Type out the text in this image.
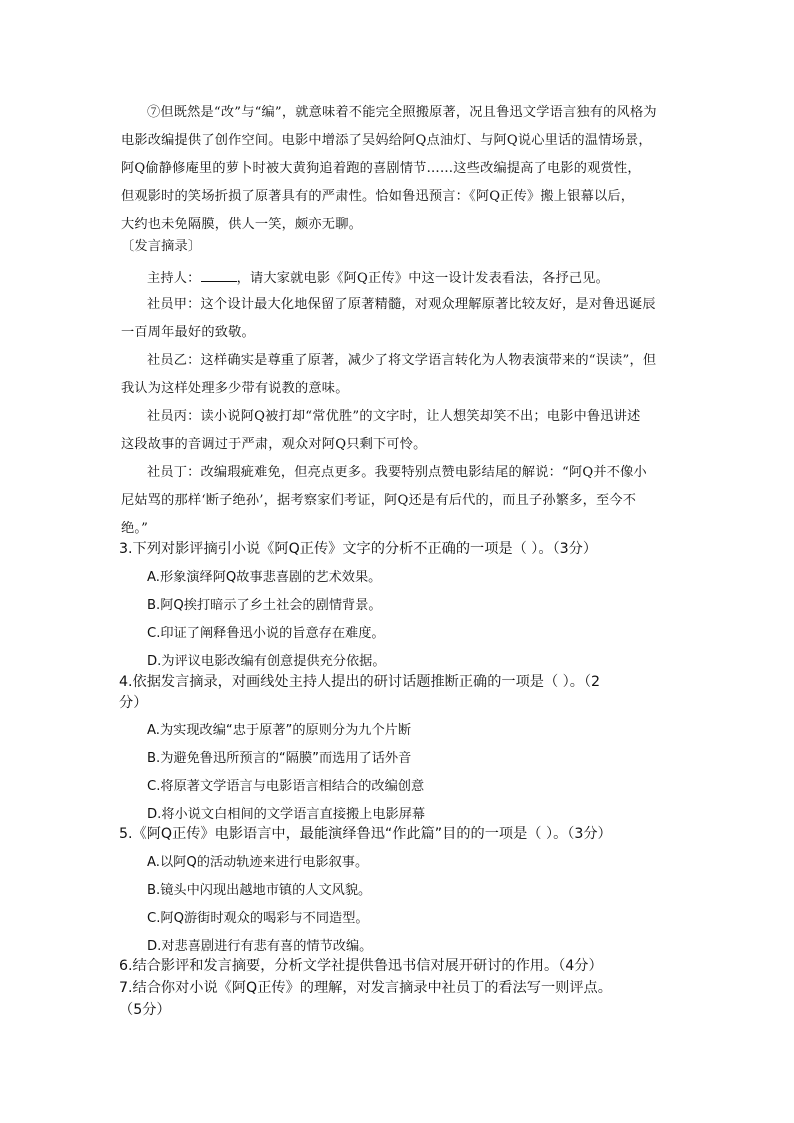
⑦但既然是“改”与“编”，就意味着不能完全照搬原著，况且鲁迅文学语言独有的风格为
电影改编提供了创作空间。电影中增添了吴妈给阿Q点油灯、与阿Q说心里话的温情场景，
阿Q偷静修庵里的萝卜时被大黄狗追着跑的喜剧情节……这些改编提高了电影的观赏性，
但观影时的笑场折损了原著具有的严肃性。恰如鲁迅预言：《阿Q正传》搬上银幕以后，
大约也未免隔膜，供人一笑，颇亦无聊。
〔发言摘录〕
主持人：	，请大家就电影《阿Q正传》中这一设计发表看法，各抒己见。
社员甲：这个设计最大化地保留了原著精髓，对观众理解原著比较友好，是对鲁迅诞辰
一百周年最好的致敬。
社员乙：这样确实是尊重了原著，减少了将文学语言转化为人物表演带来的“误读”，但
我认为这样处理多少带有说教的意味。
社员丙：读小说阿Q被打却“常优胜”的文字时，让人想笑却笑不出；电影中鲁迅讲述
这段故事的音调过于严肃，观众对阿Q只剩下可怜。
社员丁：改编瑕疵难免，但亮点更多。我要特别点赞电影结尾的解说：“阿Q并不像小
尼姑骂的那样‘断子绝孙’，据考察家们考证，阿Q还是有后代的，而且子孙繁多，至今不
绝。”
3.下列对影评摘引小说《阿Q正传》文字的分析不正确的一项是（ ）。（3分）
A.形象演绎阿Q故事悲喜剧的艺术效果。
B.阿Q挨打暗示了乡土社会的剧情背景。
C.印证了阐释鲁迅小说的旨意存在难度。
D.为评议电影改编有创意提供充分依据。
4.依据发言摘录，对画线处主持人提出的研讨话题推断正确的一项是（ ）。（2
分）
A.为实现改编“忠于原著”的原则分为九个片断
B.为避免鲁迅所预言的“隔膜”而选用了话外音
C.将原著文学语言与电影语言相结合的改编创意
D.将小说文白相间的文学语言直接搬上电影屏幕
5.《阿Q正传》电影语言中，最能演绎鲁迅“作此篇”目的的一项是（ ）。（3分）
A.以阿Q的活动轨迹来进行电影叙事。
B.镜头中闪现出越地市镇的人文风貌。
C.阿Q游街时观众的喝彩与不同造型。
D.对悲喜剧进行有悲有喜的情节改编。
6.结合影评和发言摘要，分析文学社提供鲁迅书信对展开研讨的作用。（4分）
7.结合你对小说《阿Q正传》的理解，对发言摘录中社员丁的看法写一则评点。
（5分）
